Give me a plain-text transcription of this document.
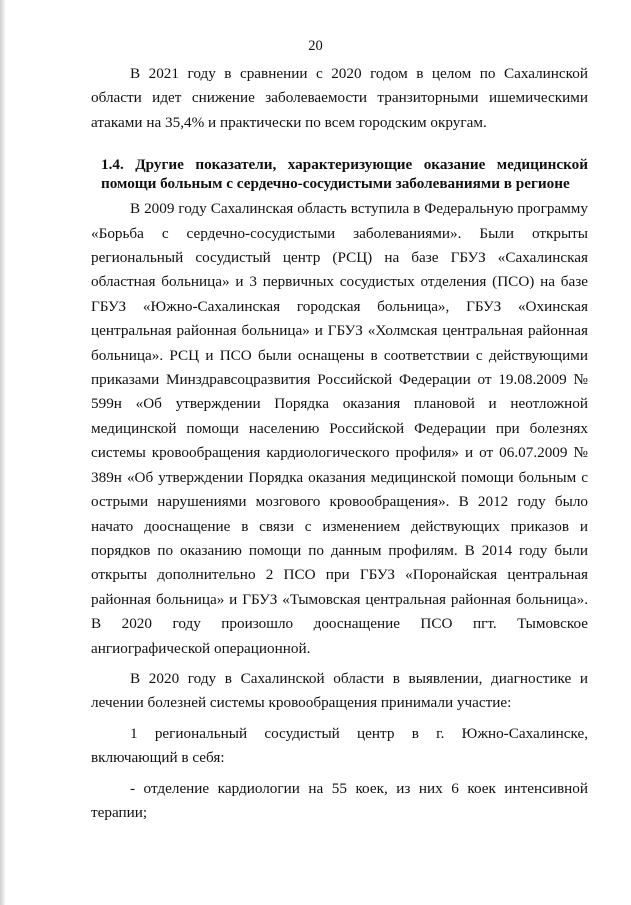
20

В 2021 году в сравнении с 2020 годом в целом по Сахалинской области идет снижение заболеваемости транзиторными ишемическими атаками на 35,4% и практически по всем городским округам.

1.4. Другие показатели, характеризующие оказание медицинской помощи больным с сердечно-сосудистыми заболеваниями в регионе

В 2009 году Сахалинская область вступила в Федеральную программу «Борьба с сердечно-сосудистыми заболеваниями». Были открыты региональный сосудистый центр (РСЦ) на базе ГБУЗ «Сахалинская областная больница» и 3 первичных сосудистых отделения (ПСО) на базе ГБУЗ «Южно-Сахалинская городская больница», ГБУЗ «Охинская центральная районная больница» и ГБУЗ «Холмская центральная районная больница». РСЦ и ПСО были оснащены в соответствии с действующими приказами Минздравсоцразвития Российской Федерации от 19.08.2009 № 599н «Об утверждении Порядка оказания плановой и неотложной медицинской помощи населению Российской Федерации при болезнях системы кровообращения кардиологического профиля» и от 06.07.2009 № 389н «Об утверждении Порядка оказания медицинской помощи больным с острыми нарушениями мозгового кровообращения». В 2012 году было начато дооснащение в связи с изменением действующих приказов и порядков по оказанию помощи по данным профилям. В 2014 году были открыты дополнительно 2 ПСО при ГБУЗ «Поронайская центральная районная больница» и ГБУЗ «Тымовская центральная районная больница». В 2020 году произошло дооснащение ПСО пгт. Тымовское ангиографической операционной.

В 2020 году в Сахалинской области в выявлении, диагностике и лечении болезней системы кровообращения принимали участие:

1 региональный сосудистый центр в г. Южно-Сахалинске, включающий в себя:

- отделение кардиологии на 55 коек, из них 6 коек интенсивной терапии;
